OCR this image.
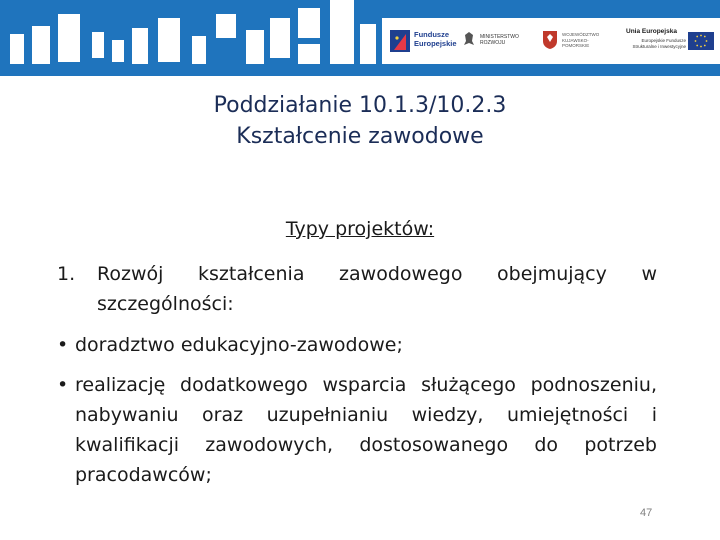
Fundusze
Europejskie
MINISTERSTWO
ROZWOJU
WOJEWÓDZTWO
KUJAWSKO-POMORSKIE
Unia Europejska
Europejskie Fundusze
Strukturalne i Inwestycyjne
Poddziałanie 10.1.3/10.2.3
Kształcenie zawodowe
Typy projektów:
1. Rozwój kształcenia zawodowego obejmujący w szczególności:
• doradztwo edukacyjno-zawodowe;
• realizację dodatkowego wsparcia służącego podnoszeniu, nabywaniu oraz uzupełnianiu wiedzy, umiejętności i kwalifikacji zawodowych, dostosowanego do potrzeb pracodawców;
47
